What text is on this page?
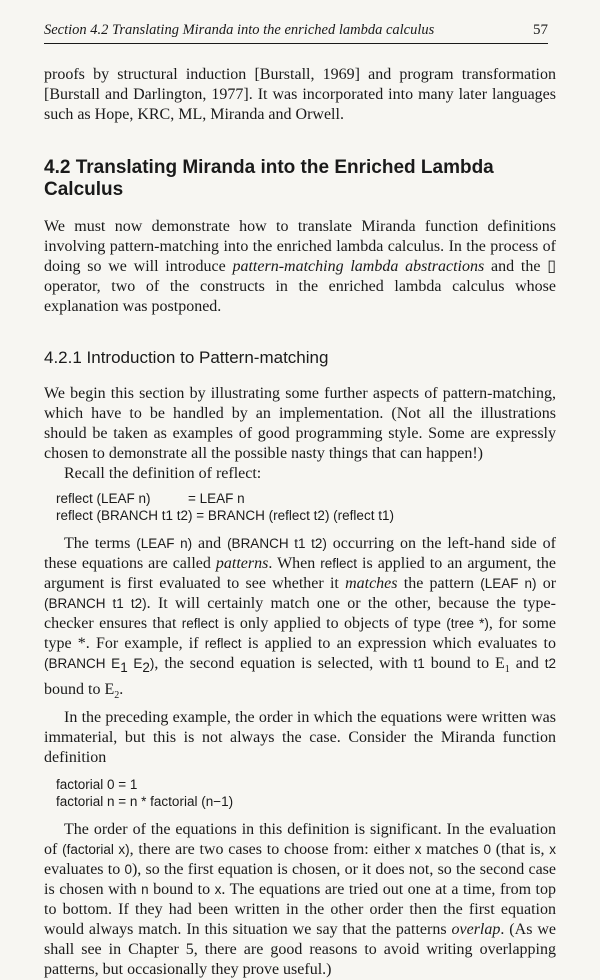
Section 4.2 Translating Miranda into the enriched lambda calculus	57

proofs by structural induction [Burstall, 1969] and program transformation [Burstall and Darlington, 1977]. It was incorporated into many later languages such as Hope, KRC, ML, Miranda and Orwell.

4.2 Translating Miranda into the Enriched Lambda Calculus

We must now demonstrate how to translate Miranda function definitions involving pattern-matching into the enriched lambda calculus. In the process of doing so we will introduce pattern-matching lambda abstractions and the ▯ operator, two of the constructs in the enriched lambda calculus whose explanation was postponed.

4.2.1 Introduction to Pattern-matching

We begin this section by illustrating some further aspects of pattern-matching, which have to be handled by an implementation. (Not all the illustrations should be taken as examples of good programming style. Some are expressly chosen to demonstrate all the possible nasty things that can happen!)

Recall the definition of reflect:

reflect (LEAF n)          = LEAF n
reflect (BRANCH t1 t2) = BRANCH (reflect t2) (reflect t1)

The terms (LEAF n) and (BRANCH t1 t2) occurring on the left-hand side of these equations are called patterns. When reflect is applied to an argument, the argument is first evaluated to see whether it matches the pattern (LEAF n) or (BRANCH t1 t2). It will certainly match one or the other, because the type-checker ensures that reflect is only applied to objects of type (tree *), for some type *. For example, if reflect is applied to an expression which evaluates to (BRANCH $E_1$ $E_2$), the second equation is selected, with t1 bound to $E_1$ and t2 bound to $E_2$.

In the preceding example, the order in which the equations were written was immaterial, but this is not always the case. Consider the Miranda function definition

factorial 0 = 1
factorial n = n * factorial (n−1)

The order of the equations in this definition is significant. In the evaluation of (factorial x), there are two cases to choose from: either x matches 0 (that is, x evaluates to 0), so the first equation is chosen, or it does not, so the second case is chosen with n bound to x. The equations are tried out one at a time, from top to bottom. If they had been written in the other order then the first equation would always match. In this situation we say that the patterns overlap. (As we shall see in Chapter 5, there are good reasons to avoid writing overlapping patterns, but occasionally they prove useful.)
